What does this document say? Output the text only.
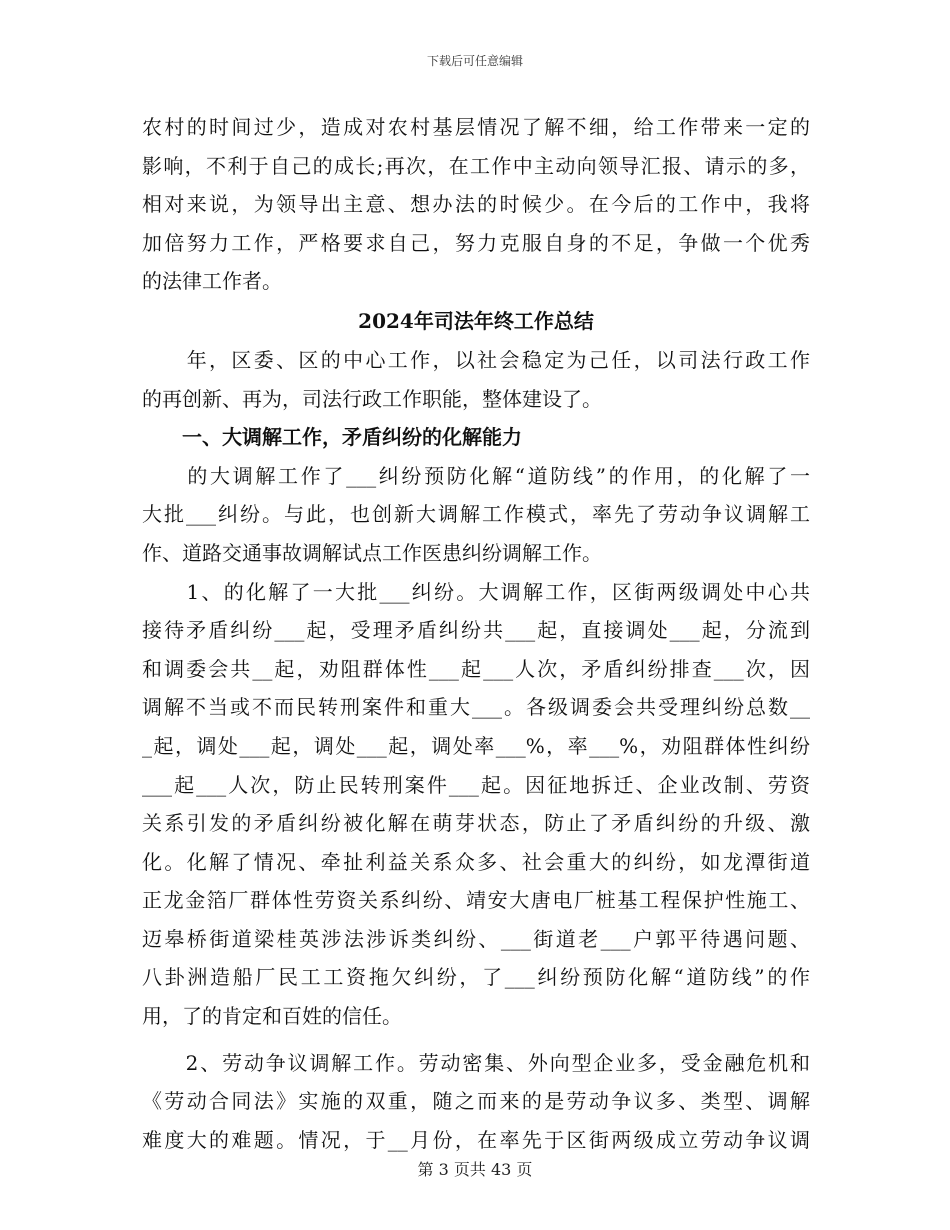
下载后可任意编辑
农村的时间过少，造成对农村基层情况了解不细，给工作带来一定的
影响，不利于自己的成长;再次，在工作中主动向领导汇报、请示的多，
相对来说，为领导出主意、想办法的时候少。在今后的工作中，我将
加倍努力工作，严格要求自己，努力克服自身的不足，争做一个优秀
的法律工作者。
2024年司法年终工作总结
　　年，区委、区的中心工作，以社会稳定为己任，以司法行政工作
的再创新、再为，司法行政工作职能，整体建设了。
　　一、大调解工作，矛盾纠纷的化解能力
　　的大调解工作了___纠纷预防化解“道防线”的作用，的化解了一
大批___纠纷。与此，也创新大调解工作模式，率先了劳动争议调解工
作、道路交通事故调解试点工作医患纠纷调解工作。
　　1、的化解了一大批___纠纷。大调解工作，区街两级调处中心共
接待矛盾纠纷___起，受理矛盾纠纷共___起，直接调处___起，分流到
和调委会共__起，劝阻群体性___起___人次，矛盾纠纷排查___次，因
调解不当或不而民转刑案件和重大___。各级调委会共受理纠纷总数__
_起，调处___起，调处___起，调处率___%，率___%，劝阻群体性纠纷
___起___人次，防止民转刑案件___起。因征地拆迁、企业改制、劳资
关系引发的矛盾纠纷被化解在萌芽状态，防止了矛盾纠纷的升级、激
化。化解了情况、牵扯利益关系众多、社会重大的纠纷，如龙潭街道
正龙金箔厂群体性劳资关系纠纷、靖安大唐电厂桩基工程保护性施工、
迈皋桥街道梁桂英涉法涉诉类纠纷、___街道老___户郭平待遇问题、
八卦洲造船厂民工工资拖欠纠纷，了___纠纷预防化解“道防线”的作
用，了的肯定和百姓的信任。
　　2、劳动争议调解工作。劳动密集、外向型企业多，受金融危机和
《劳动合同法》实施的双重，随之而来的是劳动争议多、类型、调解
难度大的难题。情况，于__月份，在率先于区街两级成立劳动争议调
第 3 页共 43 页
